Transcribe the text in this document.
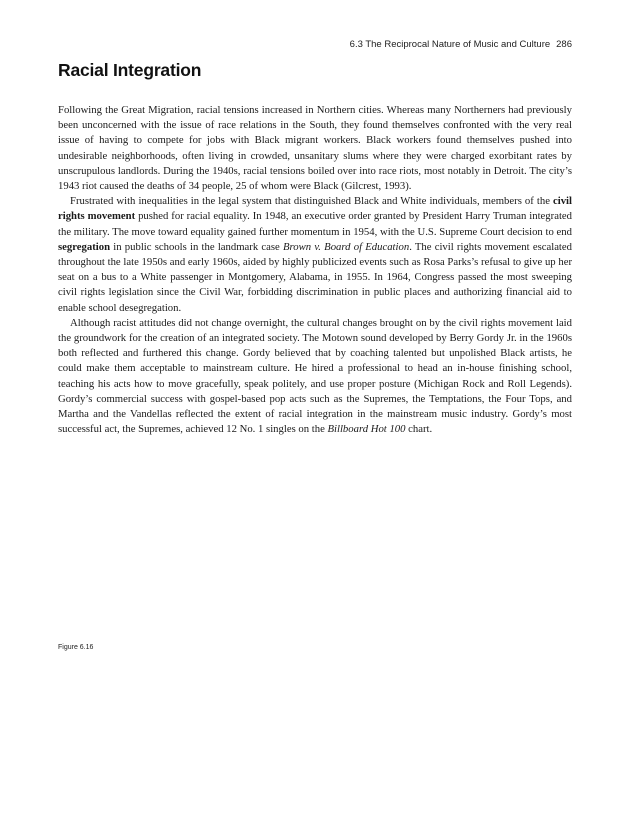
6.3 The Reciprocal Nature of Music and Culture 286
Racial Integration

Following the Great Migration, racial tensions increased in Northern cities. Whereas many Northerners had previously been unconcerned with the issue of race relations in the South, they found themselves confronted with the very real issue of having to compete for jobs with Black migrant workers. Black workers found themselves pushed into undesirable neighborhoods, often living in crowded, unsanitary slums where they were charged exorbitant rates by unscrupulous landlords. During the 1940s, racial tensions boiled over into race riots, most notably in Detroit. The city’s 1943 riot caused the deaths of 34 people, 25 of whom were Black (Gilcrest, 1993).

Frustrated with inequalities in the legal system that distinguished Black and White individuals, members of the civil rights movement pushed for racial equality. In 1948, an executive order granted by President Harry Truman integrated the military. The move toward equality gained further momentum in 1954, with the U.S. Supreme Court decision to end segregation in public schools in the landmark case Brown v. Board of Education. The civil rights movement escalated throughout the late 1950s and early 1960s, aided by highly publicized events such as Rosa Parks’s refusal to give up her seat on a bus to a White passenger in Montgomery, Alabama, in 1955. In 1964, Congress passed the most sweeping civil rights legislation since the Civil War, forbidding discrimination in public places and authorizing financial aid to enable school desegregation.

Although racist attitudes did not change overnight, the cultural changes brought on by the civil rights movement laid the groundwork for the creation of an integrated society. The Motown sound developed by Berry Gordy Jr. in the 1960s both reflected and furthered this change. Gordy believed that by coaching talented but unpolished Black artists, he could make them acceptable to mainstream culture. He hired a professional to head an in-house finishing school, teaching his acts how to move gracefully, speak politely, and use proper posture (Michigan Rock and Roll Legends). Gordy’s commercial success with gospel-based pop acts such as the Supremes, the Temptations, the Four Tops, and Martha and the Vandellas reflected the extent of racial integration in the mainstream music industry. Gordy’s most successful act, the Supremes, achieved 12 No. 1 singles on the Billboard Hot 100 chart.

Figure 6.16
